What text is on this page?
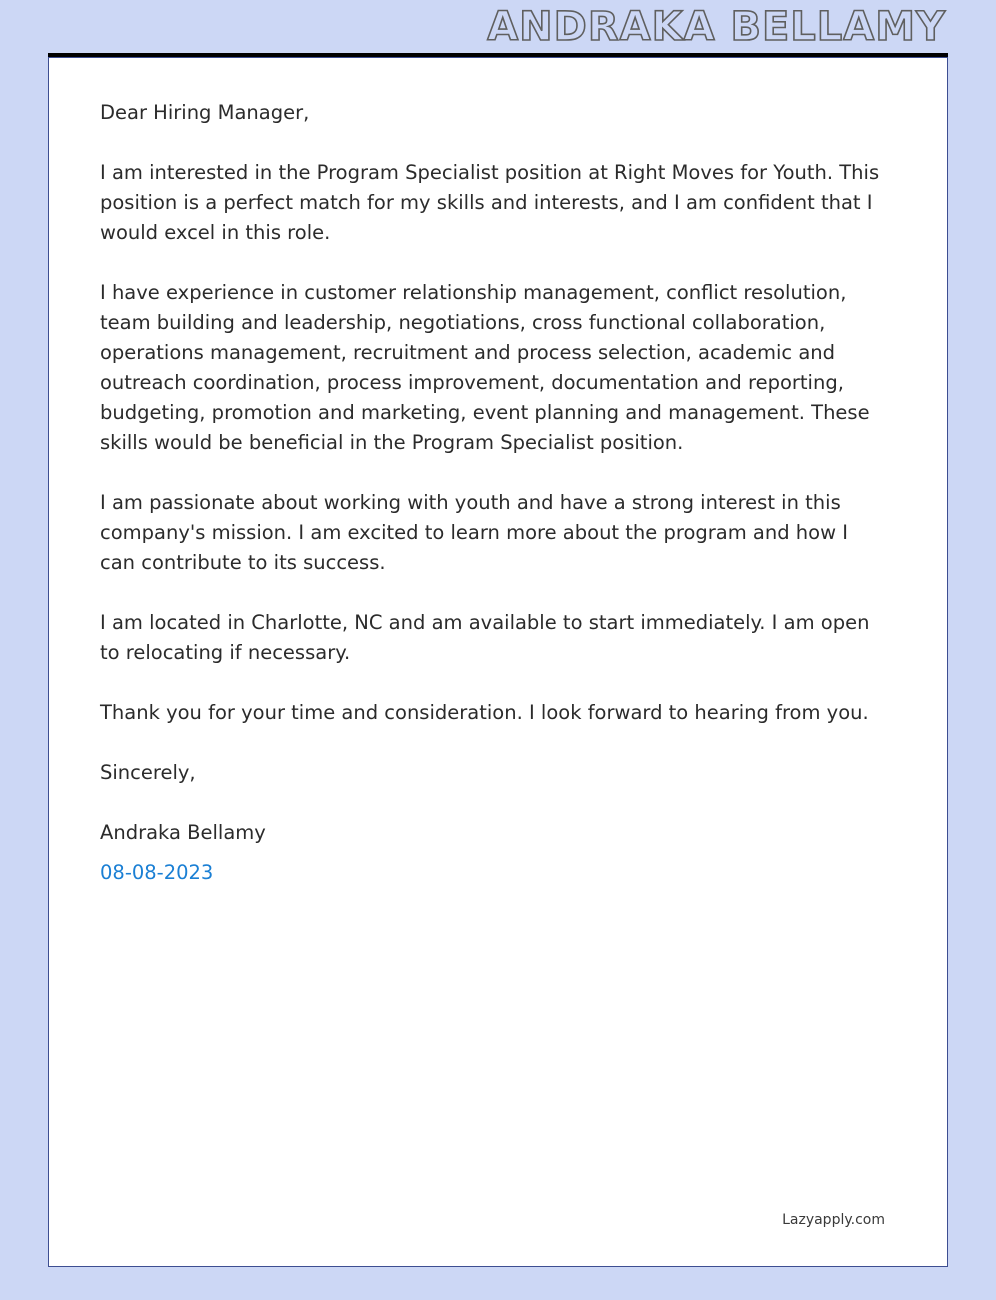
ANDRAKA BELLAMY

Dear Hiring Manager,

I am interested in the Program Specialist position at Right Moves for Youth. This position is a perfect match for my skills and interests, and I am confident that I would excel in this role.

I have experience in customer relationship management, conflict resolution, team building and leadership, negotiations, cross functional collaboration, operations management, recruitment and process selection, academic and outreach coordination, process improvement, documentation and reporting, budgeting, promotion and marketing, event planning and management. These skills would be beneficial in the Program Specialist position.

I am passionate about working with youth and have a strong interest in this company's mission. I am excited to learn more about the program and how I can contribute to its success.

I am located in Charlotte, NC and am available to start immediately. I am open to relocating if necessary.

Thank you for your time and consideration. I look forward to hearing from you.

Sincerely,

Andraka Bellamy

08-08-2023
Lazyapply.com
